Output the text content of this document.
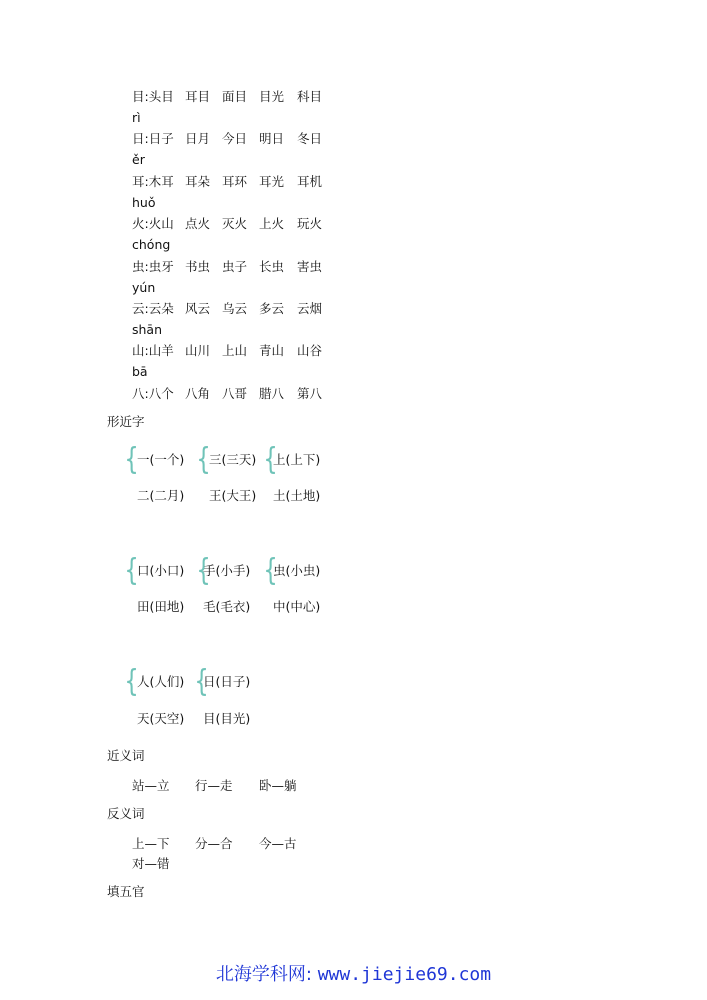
目:头目 耳目 面目 目光 科目
rì
日:日子 日月 今日 明日 冬日
ěr
耳:木耳 耳朵 耳环 耳光 耳机
huǒ
火:火山 点火 灭火 上火 玩火
chóng
虫:虫牙 书虫 虫子 长虫 害虫
yún
云:云朵 风云 乌云 多云 云烟
shān
山:山羊 山川 上山 青山 山谷
bā
八:八个 八角 八哥 腊八 第八
形近字
{
一(一个)
二(二月)
{
三(三天)
王(大王)
{
上(上下)
土(土地)
{
口(小口)
田(田地)
{
手(小手)
毛(毛衣)
{
虫(小虫)
中(中心)
{
人(人们)
天(天空)
{
日(日子)
目(目光)
近义词
站—立 行—走 卧—躺
反义词
上—下 分—合 今—古
对—错
填五官
北海学科网: www.jiejie69.com
